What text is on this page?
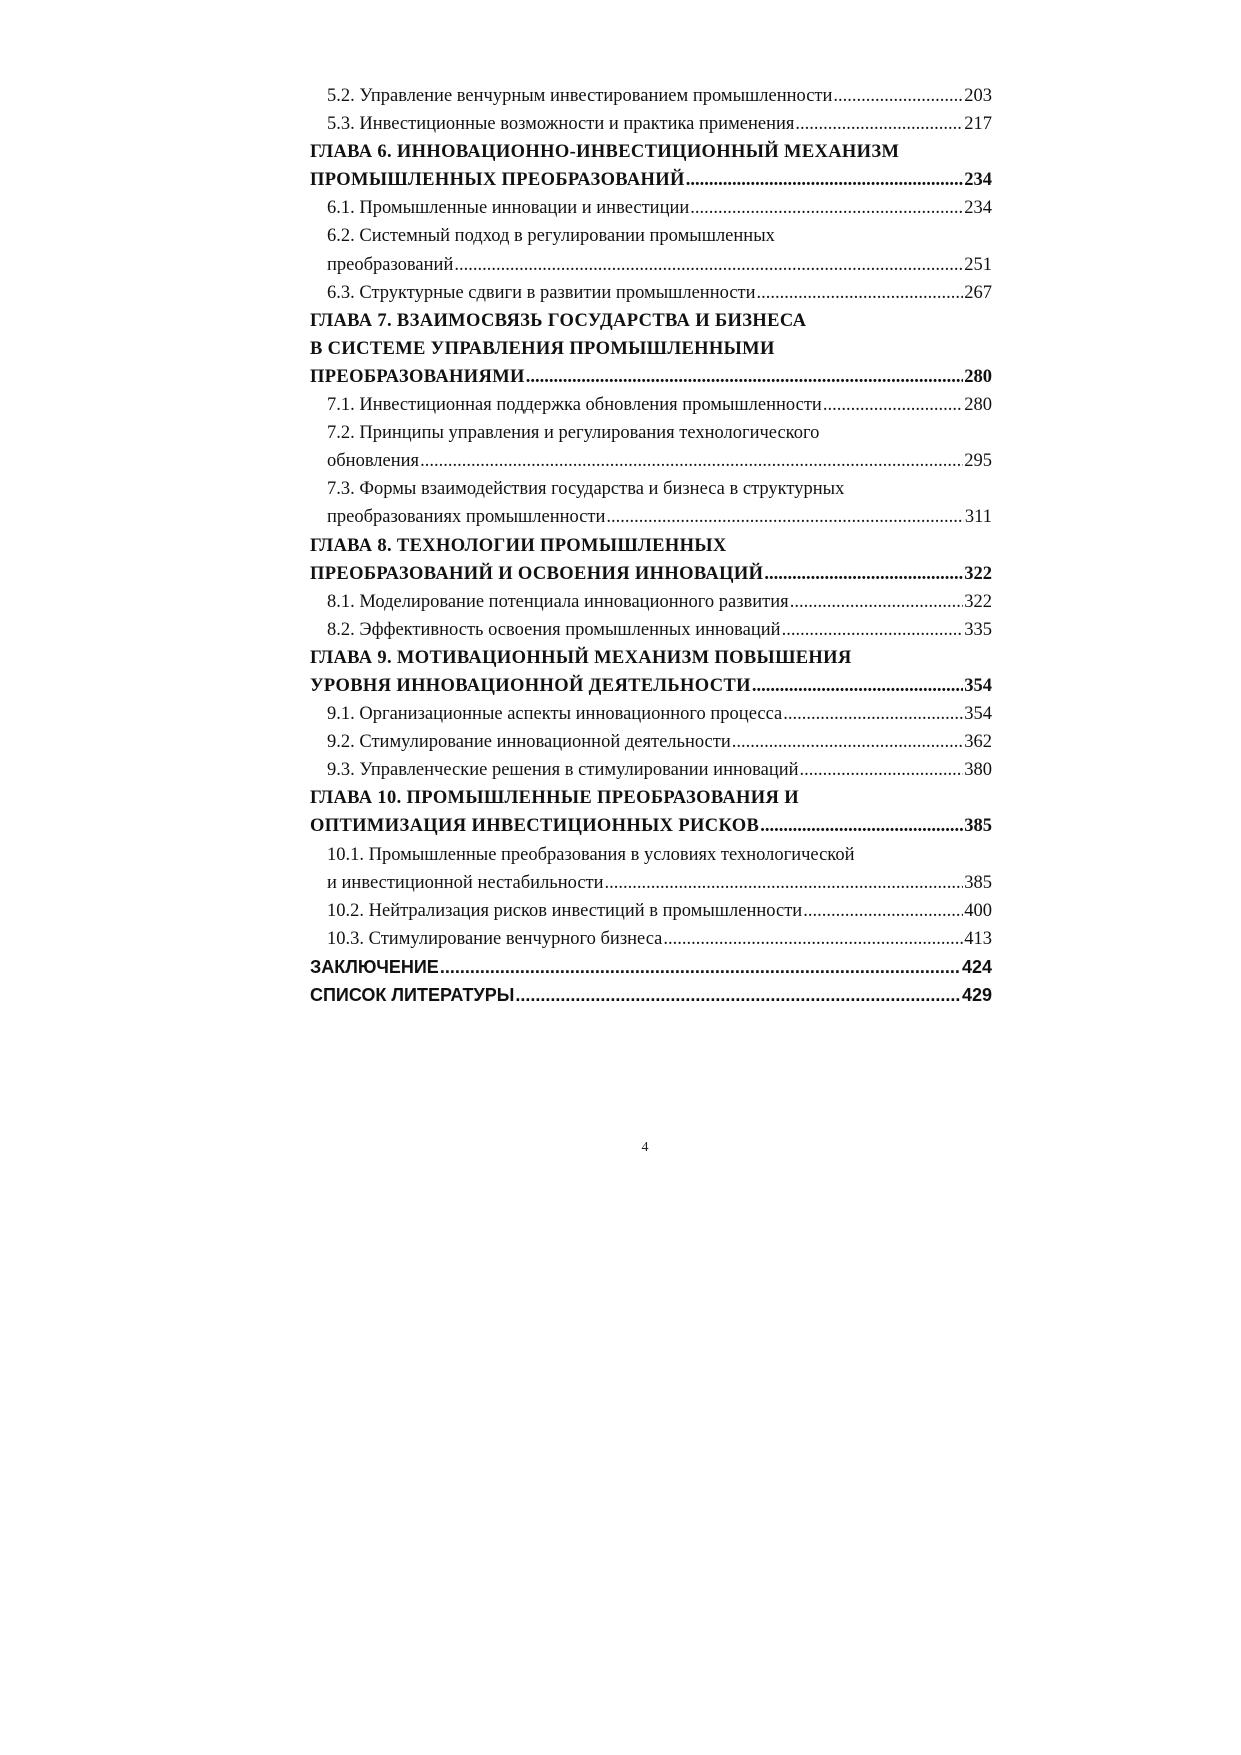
5.2. Управление венчурным инвестированием промышленности .....	203
5.3. Инвестиционные возможности и практика применения .....	217
ГЛАВА 6. ИННОВАЦИОННО-ИНВЕСТИЦИОННЫЙ МЕХАНИЗМ
ПРОМЫШЛЕННЫХ ПРЕОБРАЗОВАНИЙ .....	234
6.1. Промышленные инновации и инвестиции .....	234
6.2. Системный подход в регулировании промышленных
преобразований .....	251
6.3. Структурные сдвиги в развитии промышленности .....	267
ГЛАВА 7. ВЗАИМОСВЯЗЬ ГОСУДАРСТВА И БИЗНЕСА
В СИСТЕМЕ УПРАВЛЕНИЯ ПРОМЫШЛЕННЫМИ
ПРЕОБРАЗОВАНИЯМИ .....	280
7.1. Инвестиционная поддержка обновления промышленности .....	280
7.2. Принципы управления и регулирования технологического
обновления .....	295
7.3. Формы взаимодействия государства и бизнеса в структурных
преобразованиях промышленности .....	311
ГЛАВА 8. ТЕХНОЛОГИИ ПРОМЫШЛЕННЫХ
ПРЕОБРАЗОВАНИЙ И ОСВОЕНИЯ ИННОВАЦИЙ .....	322
8.1. Моделирование потенциала инновационного развития .....	322
8.2. Эффективность освоения промышленных инноваций .....	335
ГЛАВА 9. МОТИВАЦИОННЫЙ МЕХАНИЗМ ПОВЫШЕНИЯ
УРОВНЯ ИННОВАЦИОННОЙ ДЕЯТЕЛЬНОСТИ .....	354
9.1. Организационные аспекты инновационного процесса .....	354
9.2. Стимулирование инновационной деятельности .....	362
9.3. Управленческие решения в стимулировании инноваций .....	380
ГЛАВА 10. ПРОМЫШЛЕННЫЕ ПРЕОБРАЗОВАНИЯ И
ОПТИМИЗАЦИЯ ИНВЕСТИЦИОННЫХ РИСКОВ .....	385
10.1. Промышленные преобразования в условиях технологической
и инвестиционной нестабильности .....	385
10.2. Нейтрализация рисков инвестиций в промышленности .....	400
10.3. Стимулирование венчурного бизнеса .....	413
ЗАКЛЮЧЕНИЕ .....	424
СПИСОК ЛИТЕРАТУРЫ .....	429
4
